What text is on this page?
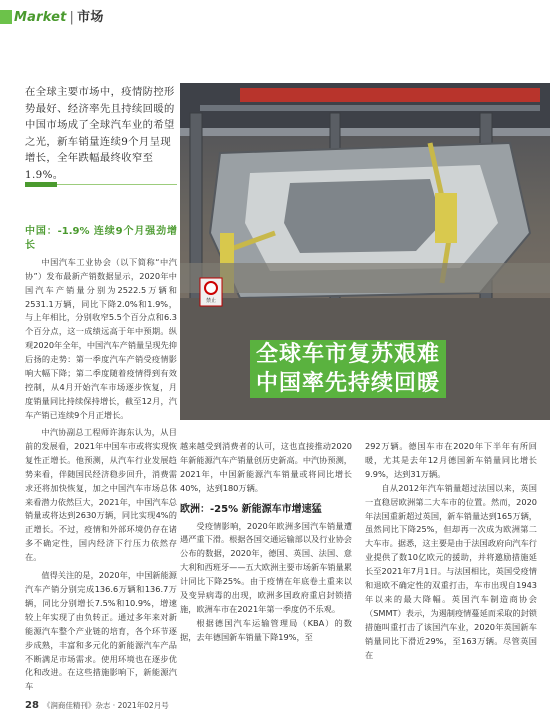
Market | 市场
在全球主要市场中，疫情防控形势最好、经济率先且持续回暖的中国市场成了全球汽车业的希望之光，新车销量连续9个月呈现增长，全年跌幅最终收窄至1.9%。
禁止
全球车市复苏艰难
中国率先持续回暖

中国：-1.9% 连续9个月强劲增长

中国汽车工业协会（以下简称“中汽协”）发布最新产销数据显示，2020年中国汽车产销量分别为2522.5万辆和2531.1万辆，同比下降2.0%和1.9%，与上年相比，分别收窄5.5个百分点和6.3个百分点，这一成绩远高于年中预期。纵观2020年全年，中国汽车产销量呈现先抑后扬的走势：第一季度汽车产销受疫情影响大幅下降；第二季度随着疫情得到有效控制，从4月开始汽车市场逐步恢复，月度销量同比持续保持增长，截至12月，汽车产销已连续9个月正增长。

中汽协副总工程师许海东认为，从目前的发展看，2021年中国车市或将实现恢复性正增长。他预测，从汽车行业发展趋势来看，伴随国民经济稳步回升，消费需求还将加快恢复，加之中国汽车市场总体来看潜力依然巨大，2021年，中国汽车总销量或将达到2630万辆，同比实现4%的正增长。不过，疫情和外部环境仍存在诸多不确定性，国内经济下行压力依然存在。

值得关注的是，2020年，中国新能源汽车产销分别完成136.6万辆和136.7万辆，同比分别增长7.5%和10.9%，增速较上年实现了由负转正。通过多年来对新能源汽车整个产业链的培育，各个环节逐步成熟，丰富和多元化的新能源汽车产品不断满足市场需求。使用环境也在逐步优化和改进。在这些措施影响下，新能源汽车

越来越受到消费者的认可，这也直接推动2020年新能源汽车产销量创历史新高。中汽协预测，2021年，中国新能源汽车销量或将同比增长40%，达到180万辆。

欧洲：-25% 新能源车市增速猛

受疫情影响，2020年欧洲多国汽车销量遭遇严重下滑。根据各国交通运输部以及行业协会公布的数据，2020年，德国、英国、法国、意大利和西班牙——五大欧洲主要市场新车销量累计同比下降25%。由于疫情在年底卷土重来以及变异病毒的出现，欧洲多国政府重启封锁措施，欧洲车市在2021年第一季度仍不乐观。

根据德国汽车运输管理局（KBA）的数据，去年德国新车销量下降19%，至

292万辆。德国车市在2020年下半年有所回暖，尤其是去年12月德国新车销量同比增长9.9%，达到31万辆。

自从2012年汽车销量超过法国以来，英国一直稳居欧洲第二大车市的位置。然而，2020年法国重新超过英国，新车销量达到165万辆，虽然同比下降25%，但却再一次成为欧洲第二大车市。据悉，这主要是由于法国政府向汽车行业提供了数10亿欧元的援助，并将邀励措施延长至2021年7月1日。与法国相比，英国受疫情和退欧不确定性的双重打击，车市出现自1943年以来的最大降幅。英国汽车制造商协会（SMMT）表示，为遏制疫情蔓延而采取的封锁措施叫重打击了该国汽车业，2020年英国新车销量同比下滑近29%，至163万辆。尽管英国在

28 《润商佳精刊》杂志 · 2021年02月号
